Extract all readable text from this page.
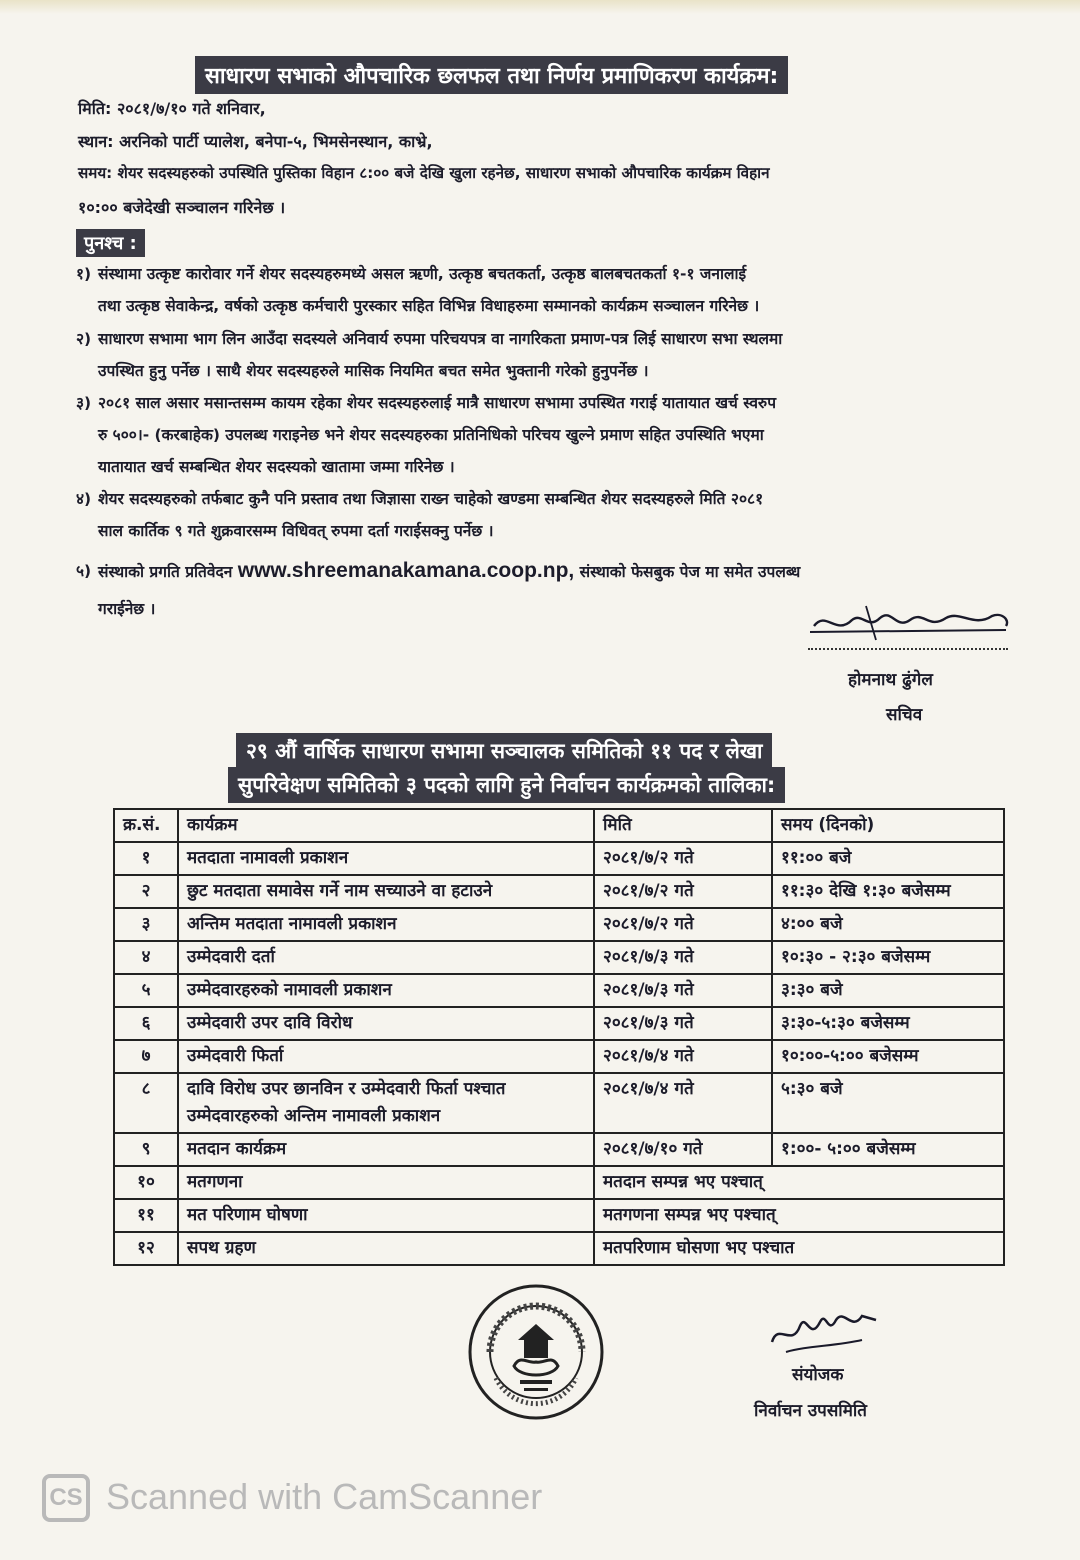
साधारण सभाको औपचारिक छलफल तथा निर्णय प्रमाणिकरण कार्यक्रम:
मिति: २०८१/७/१० गते शनिवार,
स्थान: अरनिको पार्टी प्यालेश, बनेपा-५, भिमसेनस्थान, काभ्रे,
समय: शेयर सदस्यहरुको उपस्थिति पुस्तिका विहान ८:०० बजे देखि खुला रहनेछ, साधारण सभाको औपचारिक कार्यक्रम विहान
१०:०० बजेदेखी सञ्चालन गरिनेछ ।
पुनश्च :
१) संस्थामा उत्कृष्ट कारोवार गर्ने शेयर सदस्यहरुमध्ये असल ऋणी, उत्कृष्ठ बचतकर्ता, उत्कृष्ठ बालबचतकर्ता १-१ जनालाई
तथा उत्कृष्ठ सेवाकेन्द्र, वर्षको उत्कृष्ठ कर्मचारी पुरस्कार सहित विभिन्न विधाहरुमा सम्मानको कार्यक्रम सञ्चालन गरिनेछ ।
२) साधारण सभामा भाग लिन आउँदा सदस्यले अनिवार्य रुपमा परिचयपत्र वा नागरिकता प्रमाण-पत्र लिई साधारण सभा स्थलमा
उपस्थित हुनु पर्नेछ । साथै शेयर सदस्यहरुले मासिक नियमित बचत समेत भुक्तानी गरेको हुनुपर्नेछ ।
३) २०८१ साल असार मसान्तसम्म कायम रहेका शेयर सदस्यहरुलाई मात्रै साधारण सभामा उपस्थित गराई यातायात खर्च स्वरुप
रु ५००।- (करबाहेक) उपलब्ध गराइनेछ भने शेयर सदस्यहरुका प्रतिनिधिको परिचय खुल्ने प्रमाण सहित उपस्थिति भएमा
यातायात खर्च सम्बन्धित शेयर सदस्यको खातामा जम्मा गरिनेछ ।
४) शेयर सदस्यहरुको तर्फबाट कुनै पनि प्रस्ताव तथा जिज्ञासा राख्न चाहेको खण्डमा सम्बन्धित शेयर सदस्यहरुले मिति २०८१
साल कार्तिक ९ गते शुक्रवारसम्म विधिवत् रुपमा दर्ता गराईसक्नु पर्नेछ ।
५) संस्थाको प्रगति प्रतिवेदन www.shreemanakamana.coop.np, संस्थाको फेसबुक पेज मा समेत उपलब्ध
गराईनेछ ।
होमनाथ ढुंगेल
सचिव
२९ औं वार्षिक साधारण सभामा सञ्चालक समितिको ११ पद र लेखा
सुपरिवेक्षण समितिको ३ पदको लागि हुने निर्वाचन कार्यक्रमको तालिका:
क्र.सं.	कार्यक्रम	मिति	समय (दिनको)
१	मतदाता नामावली प्रकाशन	२०८१/७/२ गते	११:०० बजे
२	छुट मतदाता समावेस गर्ने नाम सच्याउने वा हटाउने	२०८१/७/२ गते	११:३० देखि १:३० बजेसम्म
३	अन्तिम मतदाता नामावली प्रकाशन	२०८१/७/२ गते	४:०० बजे
४	उम्मेदवारी दर्ता	२०८१/७/३ गते	१०:३० - २:३० बजेसम्म
५	उम्मेदवारहरुको नामावली प्रकाशन	२०८१/७/३ गते	३:३० बजे
६	उम्मेदवारी उपर दावि विरोध	२०८१/७/३ गते	३:३०-५:३० बजेसम्म
७	उम्मेदवारी फिर्ता	२०८१/७/४ गते	१०:००-५:०० बजेसम्म
८	दावि विरोध उपर छानविन र उम्मेदवारी फिर्ता पश्चात उम्मेदवारहरुको अन्तिम नामावली प्रकाशन	२०८१/७/४ गते	५:३० बजे
९	मतदान कार्यक्रम	२०८१/७/१० गते	१:००- ५:०० बजेसम्म
१०	मतगणना	मतदान सम्पन्न भए पश्चात्	
११	मत परिणाम घोषणा	मतगणना सम्पन्न भए पश्चात्	
१२	सपथ ग्रहण	मतपरिणाम घोसणा भए पश्चात	
संयोजक
निर्वाचन उपसमिति
CS Scanned with CamScanner
